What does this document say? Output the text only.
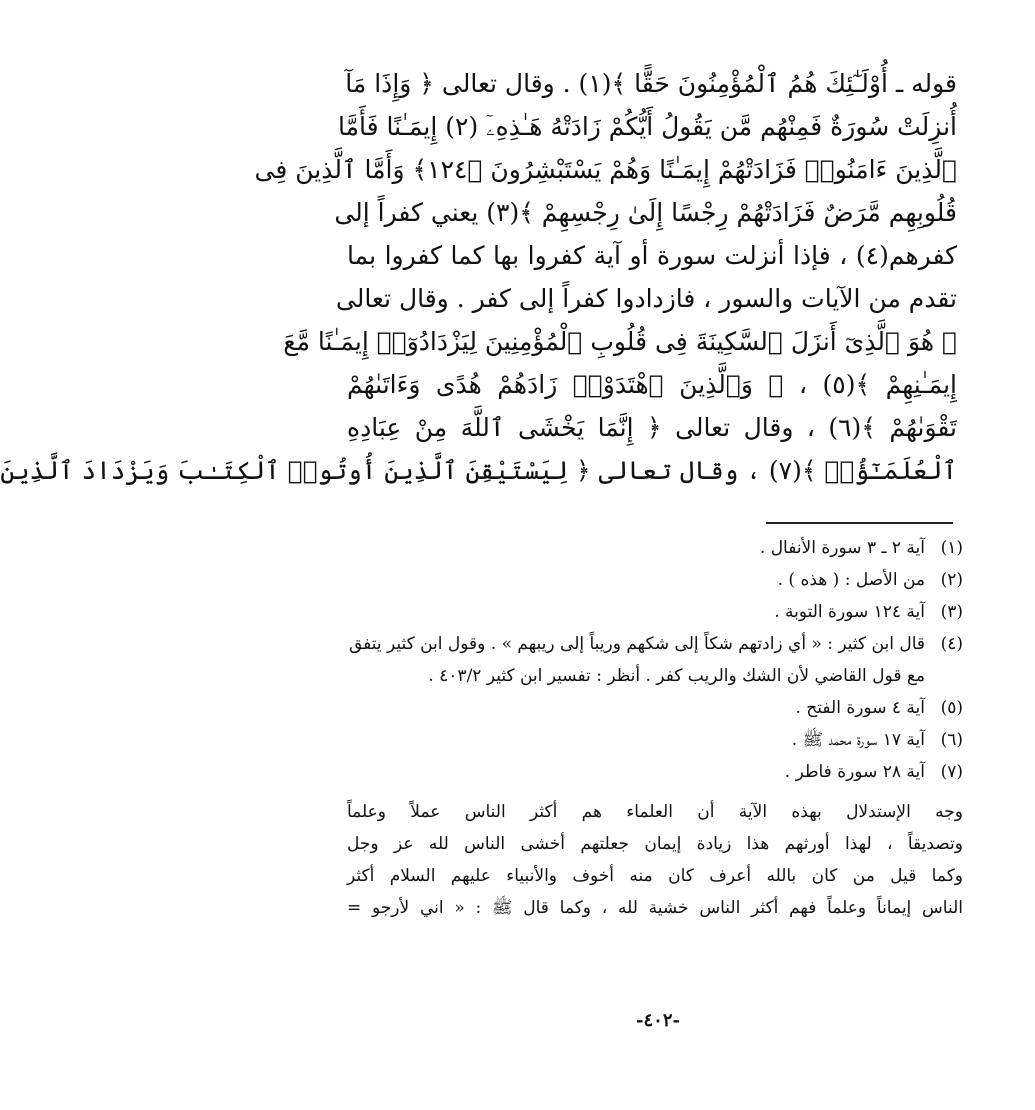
قوله ـ أُوْلَـٰٓئِكَ هُمُ ٱلْمُؤْمِنُونَ حَقًّا ﴾(١) . وقال تعالى ﴿ وَإِذَا مَآ
أُنزِلَتْ سُورَةٌ فَمِنْهُم مَّن يَقُولُ أَيُّكُمْ زَادَتْهُ هَـٰذِهِۦٓ (٢) إِيمَـٰنًا فَأَمَّا
ٱلَّذِينَ ءَامَنُوا۟ فَزَادَتْهُمْ إِيمَـٰنًا وَهُمْ يَسْتَبْشِرُونَ ﴿١٢٤﴾ وَأَمَّا ٱلَّذِينَ فِى
قُلُوبِهِم مَّرَضٌ فَزَادَتْهُمْ رِجْسًا إِلَىٰ رِجْسِهِمْ ﴾(٣) يعني كفراً إلى
كفرهم(٤) ، فإذا أنزلت سورة أو آية كفروا بها كما كفروا بما
تقدم من الآيات والسور ، فازدادوا كفراً إلى كفر . وقال تعالى
﴿ هُوَ ٱلَّذِىٓ أَنزَلَ ٱلسَّكِينَةَ فِى قُلُوبِ ٱلْمُؤْمِنِينَ لِيَزْدَادُوٓا۟ إِيمَـٰنًا مَّعَ
إِيمَـٰنِهِمْ ﴾(٥) ، ﴿ وَٱلَّذِينَ ٱهْتَدَوْا۟ زَادَهُمْ هُدًى وَءَاتَىٰهُمْ
تَقْوَىٰهُمْ ﴾(٦) ، وقال تعالى ﴿ إِنَّمَا يَخْشَى ٱللَّهَ مِنْ عِبَادِهِ
ٱلْعُلَمَـٰٓؤُا۟ ﴾(٧) ، وقال تعالى ﴿ لِيَسْتَيْقِنَ ٱلَّذِينَ أُوتُوا۟ ٱلْكِتَـٰبَ وَيَزْدَادَ ٱلَّذِينَ
(١)
آية ٢ ـ ٣ سورة الأنفال .
(٢)
من الأصل : ( هذه ) .
(٣)
آية ١٢٤ سورة التوبة .
(٤)
قال ابن كثير : « أي زادتهم شكاً إلى شكهم وريباً إلى ريبهم » . وقول ابن كثير يتفق مع قول القاضي لأن الشك والريب كفر . أنظر : تفسير ابن كثير ٤٠٣/٢ .
(٥)
آية ٤ سورة الفتح .
(٦)
آية ١٧ سورة محمد ﷺ .
(٧)
آية ٢٨ سورة فاطر .
وجه الإستدلال بهذه الآية أن العلماء هم أكثر الناس عملاً وعلماً
وتصديقاً ، لهذا أورثهم هذا زيادة إيمان جعلتهم أخشى الناس لله عز وجل
وكما قيل من كان بالله أعرف كان منه أخوف والأنبياء عليهم السلام أكثر
الناس إيماناً وعلماً فهم أكثر الناس خشية لله ، وكما قال ﷺ : « اني لأرجو =
-٤٠٢-
